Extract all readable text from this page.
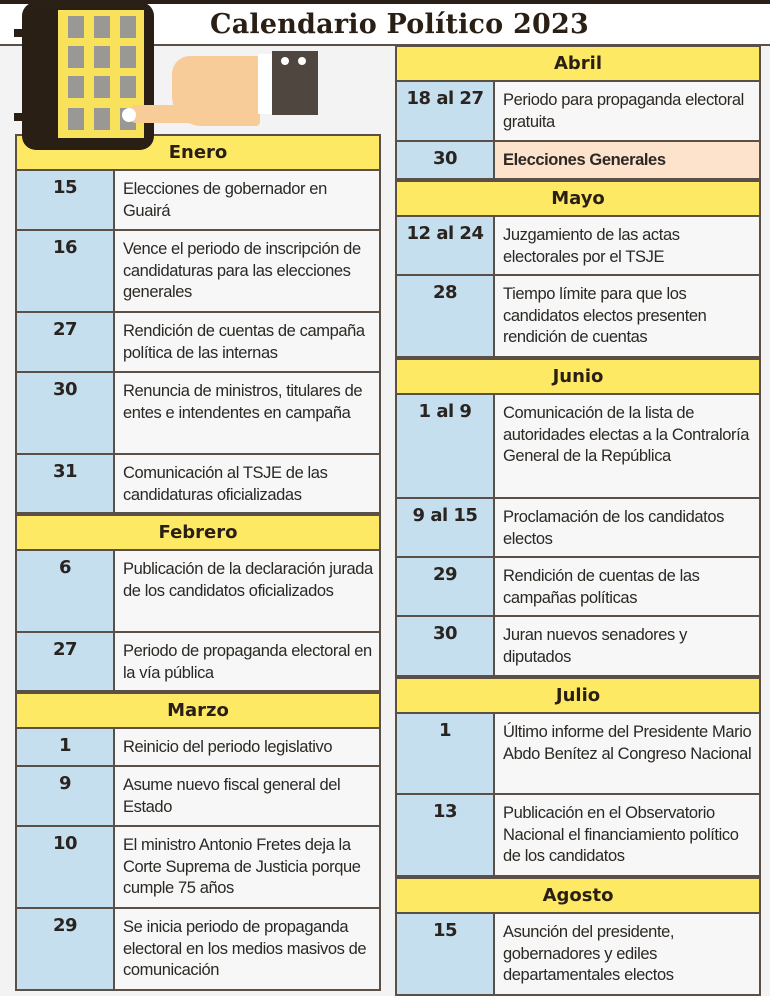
Calendario Político 2023
Enero
15	Elecciones de gobernador en Guairá
16	Vence el periodo de inscripción de candidaturas para las elecciones generales
27	Rendición de cuentas de campaña política de las internas
30	Renuncia de ministros, titulares de entes e intendentes en campaña
31	Comunicación al TSJE de las candidaturas oficializadas
Febrero
6	Publicación de la declaración jurada de los candidatos oficializados
27	Periodo de propaganda electoral en la vía pública
Marzo
1	Reinicio del periodo legislativo
9	Asume nuevo fiscal general del Estado
10	El ministro Antonio Fretes deja la Corte Suprema de Justicia porque cumple 75 años
29	Se inicia periodo de propaganda electoral en los medios masivos de comunicación
Abril
18 al 27	Periodo para propaganda electoral gratuita
30	Elecciones Generales
Mayo
12 al 24	Juzgamiento de las actas electorales por el TSJE
28	Tiempo límite para que los candidatos electos presenten rendición de cuentas
Junio
1 al 9	Comunicación de la lista de autoridades electas a la Contraloría General de la República
9 al 15	Proclamación de los candidatos electos
29	Rendición de cuentas de las campañas políticas
30	Juran nuevos senadores y diputados
Julio
1	Último informe del Presidente Mario Abdo Benítez al Congreso Nacional
13	Publicación en el Observatorio Nacional el financiamiento político de los candidatos
Agosto
15	Asunción del presidente, gobernadores y ediles departamentales electos
